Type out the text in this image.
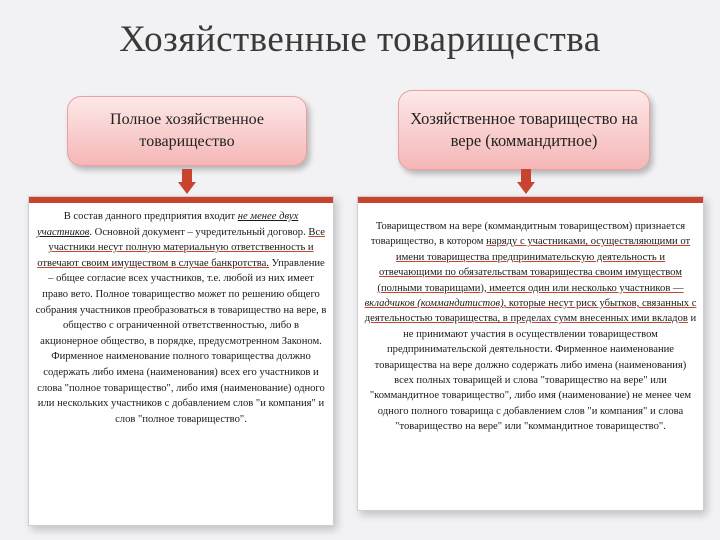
Хозяйственные товарищества
Полное хозяйственное товарищество
Хозяйственное товарищество на вере (коммандитное)
В состав данного предприятия входит не менее двух участников. Основной документ – учредительный договор. Все участники несут полную материальную ответственность и отвечают своим имуществом в случае банкротства. Управление – общее согласие всех участников, т.е. любой из них имеет право вето. Полное товарищество может по решению общего собрания участников преобразоваться в товарищество на вере, в общество с ограниченной ответственностью, либо в акционерное общество, в порядке, предусмотренном Законом. Фирменное наименование полного товарищества должно содержать либо имена (наименования) всех его участников и слова "полное товарищество", либо имя (наименование) одного или нескольких участников с добавлением слов "и компания" и слов "полное товарищество".
Товариществом на вере (коммандитным товариществом) признается товарищество, в котором наряду с участниками, осуществляющими от имени товарищества предпринимательскую деятельность и отвечающими по обязательствам товарищества своим имуществом (полными товарищами), имеется один или несколько участников — вкладчиков (коммандитистов), которые несут риск убытков, связанных с деятельностью товарищества, в пределах сумм внесенных ими вкладов и не принимают участия в осуществлении товариществом предпринимательской деятельности. Фирменное наименование товарищества на вере должно содержать либо имена (наименования) всех полных товарищей и слова "товарищество на вере" или "коммандитное товарищество", либо имя (наименование) не менее чем одного полного товарища с добавлением слов "и компания" и слова "товарищество на вере" или "коммандитное товарищество".
